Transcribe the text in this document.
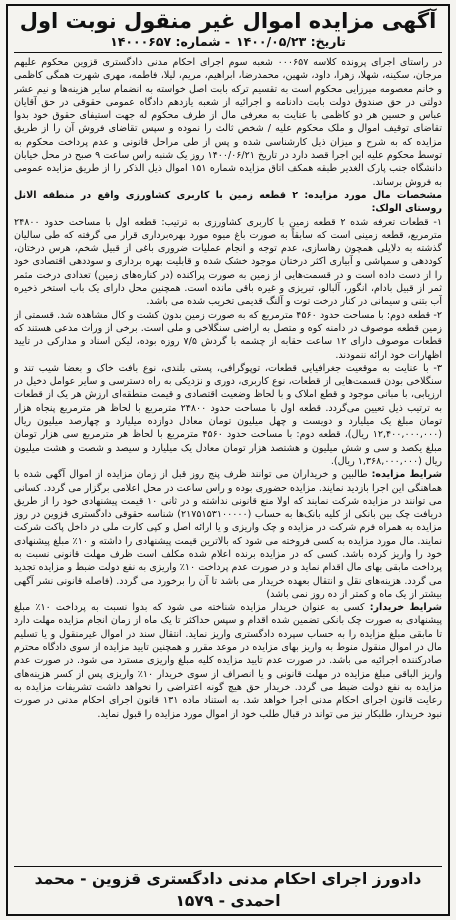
آگهی مزایده اموال غیر منقول نوبت اول
تاریخ: ۱۴۰۰/۰۵/۲۳
- شماره: ۱۴۰۰۰۶۵۷

در راستای اجرای پرونده کلاسه ۰۰۰۶۵۷ شعبه سوم اجرای احکام مدنی دادگستری قزوین محکوم علیهم مرجان، سکینه، شهلا، زهرا، داود، شهین، محمدرضا، ابراهیم، مریم، لیلا، فاطمه، مهری شهرت همگی کاظمی و خانم معصومه میرزایی محکوم است به تقسیم ترکه بابت اصل خواسته به انضمام سایر هزینه‌ها و نیم عشر دولتی در حق صندوق دولت بابت دادنامه و اجرائیه از شعبه یازدهم دادگاه عمومی حقوقی در حق آقایان عباس و حسین هر دو کاظمی با عنایت به معرفی مال از طرف محکوم له جهت استیفای حقوق خود بدوا تقاضای توقیف اموال و ملک محکوم علیه / شخص ثالث را نموده و سپس تقاضای فروش آن را از طریق مزایده که به شرح و میزان ذیل کارشناسی شده و پس از طی مراحل قانونی و عدم پرداخت محکوم به توسط محکوم علیه این اجرا قصد دارد در تاریخ ۱۴۰۰/۰۶/۲۱ روز یک شنبه راس ساعت ۹ صبح در محل خیابان دانشگاه جنب پارک الغدیر طبقه همکف اتاق مزایده شماره ۱۵۱ اموال ذیل الذکر را از طریق مزایده عمومی به فروش برساند.

مشخصات مال مورد مزایده: ۲ قطعه زمین با کاربری کشاورزی واقع در منطقه الانل روستای الولک:

۱- قطعات تعرفه شده ۲ قطعه زمین با کاربری کشاورزی به ترتیب: قطعه اول با مساحت حدود ۲۴۸۰۰ مترمربع، قطعه زمینی است که سابقاً به صورت باغ میوه مورد بهره‌برداری قرار می گرفته که طی سالیان گذشته به دلایلی همچون رهاسازی، عدم توجه و انجام عملیات ضروری باغی از قبیل شخم، هرس درختان، کوددهی و سمپاشی و آبیاری اکثر درختان موجود خشک شده و قابلیت بهره برداری و سوددهی اقتصادی خود را از دست داده است و در قسمت‌هایی از زمین به صورت پراکنده (در کناره‌های زمین) تعدادی درخت مثمر ثمر از قبیل بادام، انگور، آلبالو، تبریزی و غیره باقی مانده است. همچنین محل دارای یک باب استخر ذخیره آب بتنی و سیمانی در کنار درخت توت و آلنگ قدیمی تخریب شده می باشد.

۲- قطعه دوم: با مساحت حدود ۴۵۶۰ مترمربع که به صورت زمین بدون کشت و کال مشاهده شد. قسمتی از زمین قطعه موصوف در دامنه کوه و متصل به اراضی سنگلاخی و ملی است. برخی از وراث مدعی هستند که قطعات موصوف دارای ۱۲ ساعت حقابه از چشمه با گردش ۷/۵ روزه بوده، لیکن اسناد و مدارکی در تایید اظهارات خود ارائه ننمودند.

۳- با عنایت به موقعیت جغرافیایی قطعات، توپوگرافی، پستی بلندی، نوع بافت خاک و بعضا شیب تند و سنگلاخی بودن قسمت‌هایی از قطعات، نوع کاربری، دوری و نزدیکی به راه دسترسی و سایر عوامل دخیل در ارزیابی، با مبانی موجود و قطع املاک و با لحاظ وضعیت اقتصادی و قیمت منطقه‌ای ارزش هر یک از قطعات به ترتیب ذیل تعیین می‌گردد. قطعه اول با مساحت حدود ۲۴۸۰۰ مترمربع با لحاظ هر مترمربع پنجاه هزار تومان مبلغ یک میلیارد و دویست و چهل میلیون تومان معادل دوازده میلیارد و چهارصد میلیون ریال (۱۲,۴۰۰,۰۰۰,۰۰۰ ریال)، قطعه دوم: با مساحت حدود ۴۵۶۰ مترمربع با لحاظ هر مترمربع سی هزار تومان مبلغ یکصد و سی و شش میلیون و هشتصد هزار تومان معادل یک میلیارد و سیصد و شصت و هشت میلیون ریال (۱,۳۶۸,۰۰۰,۰۰۰ ریال).

شرایط مزایده: طالبین و خریداران می توانند ظرف پنج روز قبل از زمان مزایده از اموال آگهی شده با هماهنگی این اجرا بازدید نمایند. مزایده حضوری بوده و راس ساعت در محل اعلامی برگزار می گردد. کسانی می توانند در مزایده شرکت نمایند که اولا منع قانونی نداشته و در ثانی ۱۰ قیمت پیشنهادی خود را از طریق دریافت چک بین بانکی از کلیه بانک‌ها به حساب (۲۱۷۵۱۵۳۱۰۰۰۰۰) شناسه حقوقی دادگستری قزوین در روز مزایده به همراه فرم شرکت در مزایده و چک واریزی و یا ارائه اصل و کپی کارت ملی در داخل پاکت شرکت نمایند. مال مورد مزایده به کسی فروخته می شود که بالاترین قیمت پیشنهادی را داشته و ۱۰٪ مبلغ پیشنهادی خود را واریز کرده باشد. کسی که در مزایده برنده اعلام شده مکلف است ظرف مهلت قانونی نسبت به پرداخت مابقی بهای مال اقدام نماید و در صورت عدم پرداخت ۱۰٪ واریزی به نفع دولت ضبط و مزایده تجدید می گردد. هزینه‌های نقل و انتقال بعهده خریدار می باشد تا آن را برخورد می گردد. (فاصله قانونی نشر آگهی بیشتر از یک ماه و کمتر از ده روز نمی باشد)

شرایط خریدار: کسی به عنوان خریدار مزایده شناخته می شود که بدوا نسبت به پرداخت ۱۰٪ مبلغ پیشنهادی به صورت چک بانکی تضمین شده اقدام و سپس حداکثر تا یک ماه از زمان انجام مزایده مهلت دارد تا مابقی مبلغ مزایده را به حساب سپرده دادگستری واریز نماید. انتقال سند در اموال غیرمنقول و یا تسلیم مال در اموال منقول منوط به واریز بهای مزایده در موعد مقرر و همچنین تایید مزایده از سوی دادگاه محترم صادرکننده اجرائیه می باشد. در صورت عدم تایید مزایده کلیه مبلغ واریزی مسترد می شود. در صورت عدم واریز الباقی مبلغ مزایده در مهلت قانونی و یا انصراف از سوی خریدار ۱۰٪ واریزی پس از کسر هزینه‌های مزایده به نفع دولت ضبط می گردد. خریدار حق هیچ گونه اعتراضی را نخواهد داشت تشریفات مزایده به رعایت قانون اجرای احکام مدنی اجرا خواهد شد. به استناد ماده ۱۳۱ قانون اجرای احکام مدنی در صورت نبود خریدار، طلبکار نیز می تواند در قبال طلب خود از اموال مورد مزایده را قبول نماید.

دادورز اجرای احکام مدنی دادگستری قزوین - محمد احمدی - ۱۵۷۹
